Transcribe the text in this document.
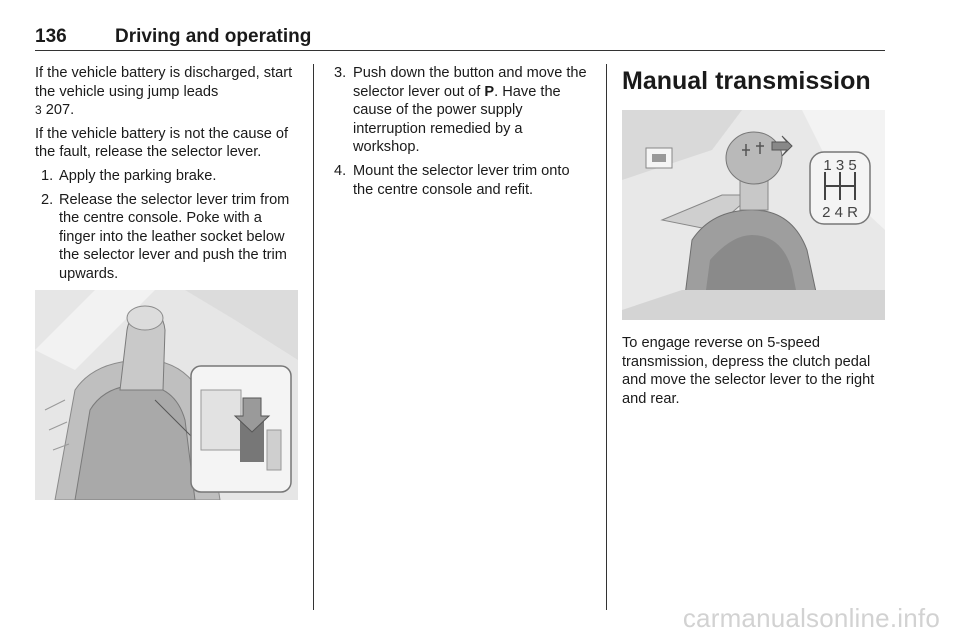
136	Driving and operating

If the vehicle battery is discharged, start the vehicle using jump leads
3 207.

If the vehicle battery is not the cause of the fault, release the selector lever.

1. Apply the parking brake.
2. Release the selector lever trim from the centre console. Poke with a finger into the leather socket below the selector lever and push the trim upwards.
3. Push down the button and move the selector lever out of P. Have the cause of the power supply interruption remedied by a workshop.
4. Mount the selector lever trim onto the centre console and refit.
Manual transmission
1 3 5
2 4 R

To engage reverse on 5-speed transmission, depress the clutch pedal and move the selector lever to the right and rear.

carmanualsonline.info
